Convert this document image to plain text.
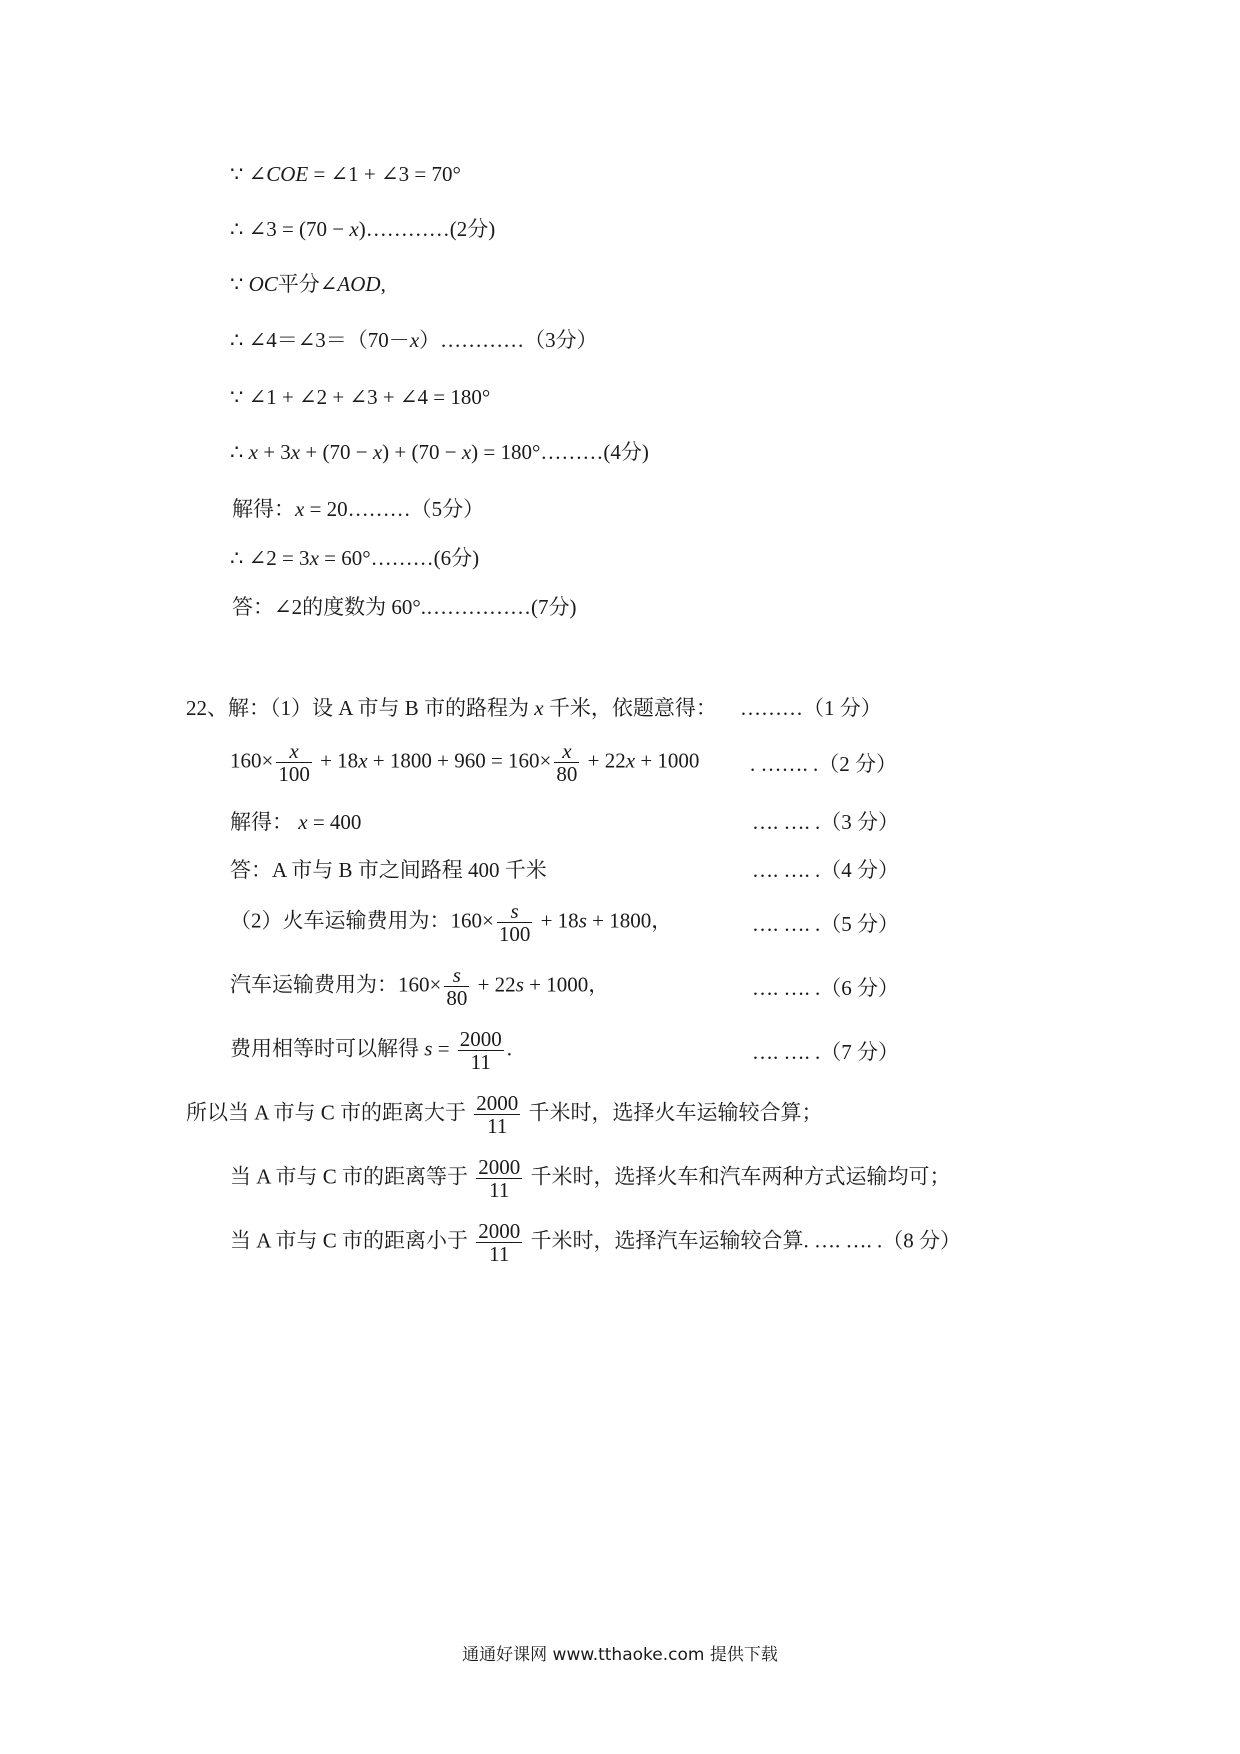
∵ ∠COE = ∠1 + ∠3 = 70°
∴ ∠3 = (70 − x)…………(2分)
∵ OC平分∠AOD,
∴ ∠4＝∠3＝（70－x）…………（3分）
∵ ∠1 + ∠2 + ∠3 + ∠4 = 180°
∴ x + 3x + (70 − x) + (70 − x) = 180°………(4分)
解得：x = 20………（5分）
∴ ∠2 = 3x = 60°………(6分)
答：∠2的度数为 60°.……………(7分)
22、解：（1）设 A 市与 B 市的路程为 x 千米，依题意得： ………（1 分）
$160\times \frac{x}{100} + 18x + 1800 + 960 = 160\times \frac{x}{80} + 22x + 1000$ . ……. .（2 分）
解得： x = 400	…. …. .（3 分）
答：A 市与 B 市之间路程 400 千米	…. …. .（4 分）
（2）火车运输费用为：$160\times \frac{s}{100} + 18s + 1800$，	…. …. .（5 分）
汽车运输费用为：$160\times \frac{s}{80} + 22s + 1000$，	…. …. .（6 分）
费用相等时可以解得 $s = \frac{2000}{11}$ .	…. …. .（7 分）
所以当 A 市与 C 市的距离大于 $\frac{2000}{11}$ 千米时，选择火车运输较合算；
当 A 市与 C 市的距离等于 $\frac{2000}{11}$ 千米时，选择火车和汽车两种方式运输均可；
当 A 市与 C 市的距离小于 $\frac{2000}{11}$ 千米时，选择汽车运输较合算. …. …. .（8 分）
通通好课网 www.tthaoke.com 提供下载
